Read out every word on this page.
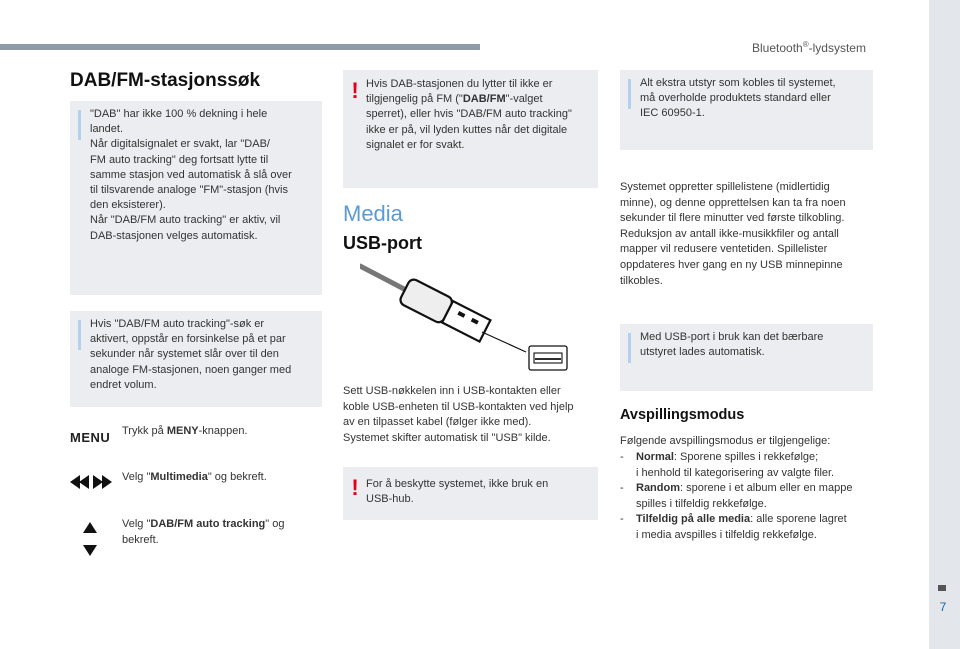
Bluetooth®-lydsystem
7
DAB/FM-stasjonssøk
"DAB" har ikke 100 % dekning i hele
landet.
Når digitalsignalet er svakt, lar "DAB/
FM auto tracking" deg fortsatt lytte til
samme stasjon ved automatisk å slå over
til tilsvarende analoge "FM"-stasjon (hvis
den eksisterer).
Når "DAB/FM auto tracking" er aktiv, vil
DAB-stasjonen velges automatisk.
Hvis "DAB/FM auto tracking"-søk er
aktivert, oppstår en forsinkelse på et par
sekunder når systemet slår over til den
analoge FM-stasjonen, noen ganger med
endret volum.
MENU Trykk på MENY-knappen.
Velg "Multimedia" og bekreft.
Velg "DAB/FM auto tracking" og
bekreft.
! Hvis DAB-stasjonen du lytter til ikke er
tilgjengelig på FM ("DAB/FM"-valget
sperret), eller hvis "DAB/FM auto tracking"
ikke er på, vil lyden kuttes når det digitale
signalet er for svakt.
Media
USB-port
Sett USB-nøkkelen inn i USB-kontakten eller
koble USB-enheten til USB-kontakten ved hjelp
av en tilpasset kabel (følger ikke med).
Systemet skifter automatisk til "USB" kilde.
! For å beskytte systemet, ikke bruk en
USB-hub.
Alt ekstra utstyr som kobles til systemet,
må overholde produktets standard eller
IEC 60950-1.
Systemet oppretter spillelistene (midlertidig
minne), og denne opprettelsen kan ta fra noen
sekunder til flere minutter ved første tilkobling.
Reduksjon av antall ikke-musikkfiler og antall
mapper vil redusere ventetiden. Spillelister
oppdateres hver gang en ny USB minnepinne
tilkobles.
Med USB-port i bruk kan det bærbare
utstyret lades automatisk.
Avspillingsmodus
Følgende avspillingsmodus er tilgjengelige:
- Normal: Sporene spilles i rekkefølge;
i henhold til kategorisering av valgte filer.
- Random: sporene i et album eller en mappe
spilles i tilfeldig rekkefølge.
- Tilfeldig på alle media: alle sporene lagret
i media avspilles i tilfeldig rekkefølge.
